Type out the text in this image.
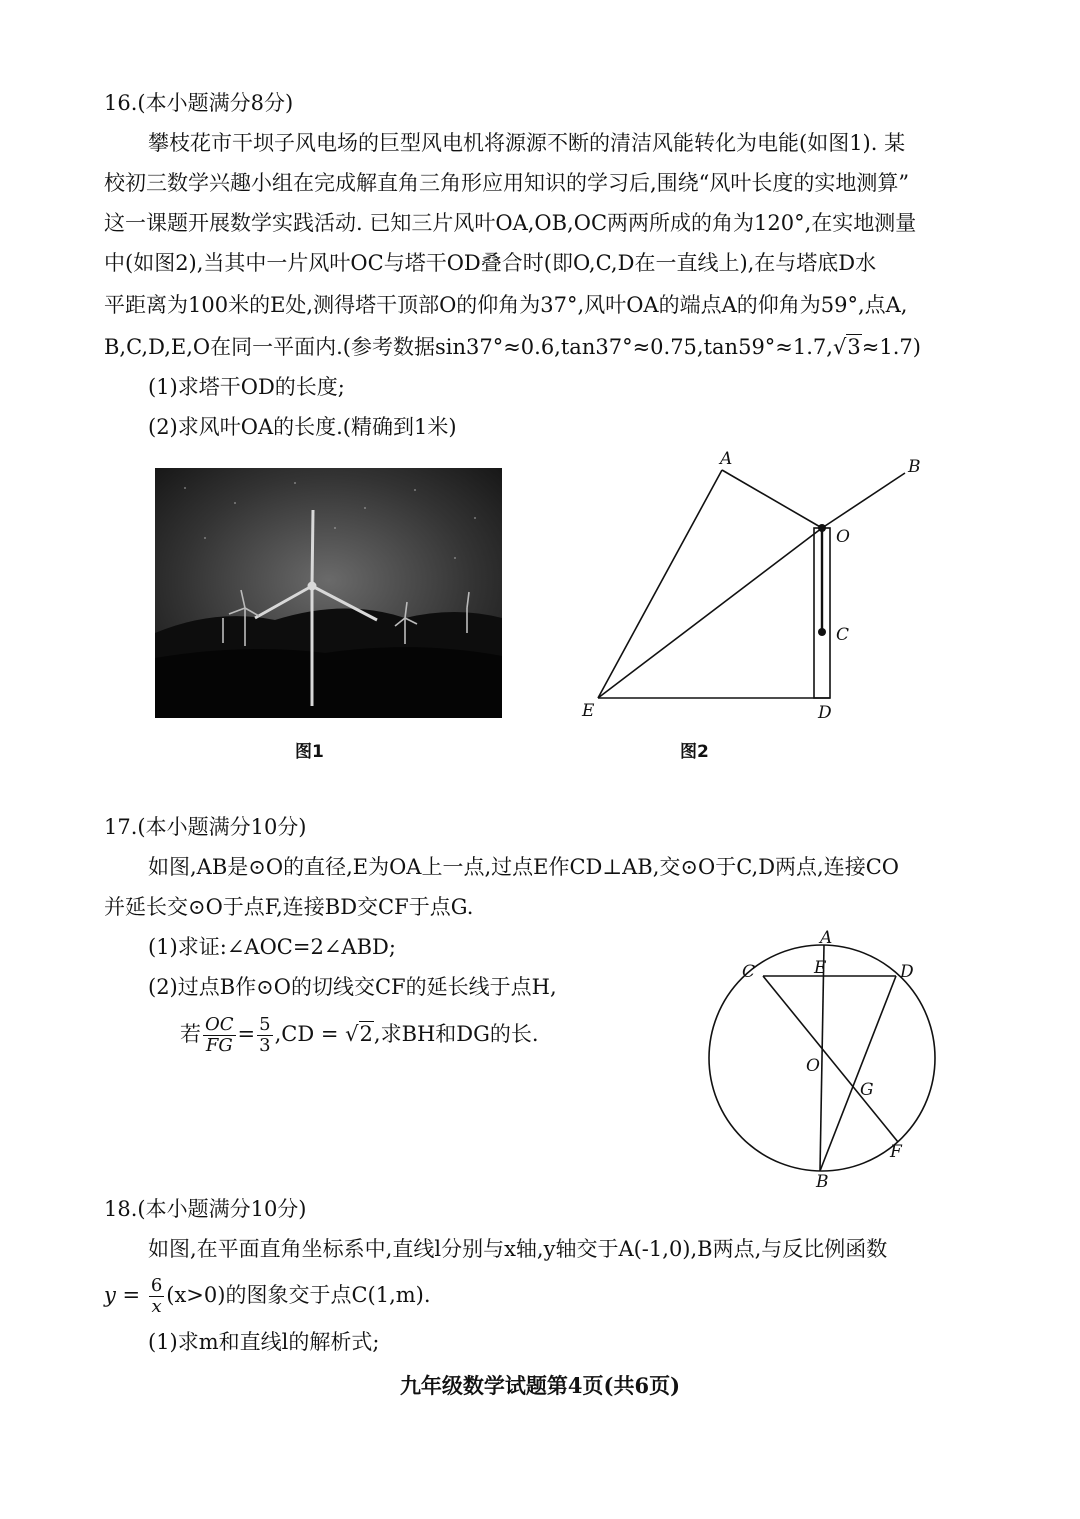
16.(本小题满分8分)
攀枝花市干坝子风电场的巨型风电机将源源不断的清洁风能转化为电能(如图1). 某
校初三数学兴趣小组在完成解直角三角形应用知识的学习后,围绕“风叶长度的实地测算”
这一课题开展数学实践活动. 已知三片风叶OA,OB,OC两两所成的角为120°,在实地测量
中(如图2),当其中一片风叶OC与塔干OD叠合时(即O,C,D在一直线上),在与塔底D水
平距离为100米的E处,测得塔干顶部O的仰角为37°,风叶OA的端点A的仰角为59°,点A,
B,C,D,E,O在同一平面内.(参考数据sin37°≈0.6,tan37°≈0.75,tan59°≈1.7,√3≈1.7)
(1)求塔干OD的长度;
(2)求风叶OA的长度.(精确到1米)
图1
A	B
O
C
E	D
图2
17.(本小题满分10分)
如图,AB是⊙O的直径,E为OA上一点,过点E作CD⊥AB,交⊙O于C,D两点,连接CO
并延长交⊙O于点F,连接BD交CF于点G.
(1)求证:∠AOC=2∠ABD;
(2)过点B作⊙O的切线交CF的延长线于点H,
若 $\frac{OC}{FG} = \frac{5}{3} ,CD = √2$,求BH和DG的长.
A
E
C	D
O
G
F
B
18.(本小题满分10分)
如图,在平面直角坐标系中,直线l分别与x轴,y轴交于A(-1,0),B两点,与反比例函数
$y = \frac{6}{x} (x>0)$的图象交于点C(1,m).
(1)求m和直线l的解析式;
九年级数学试题第4页(共6页)
